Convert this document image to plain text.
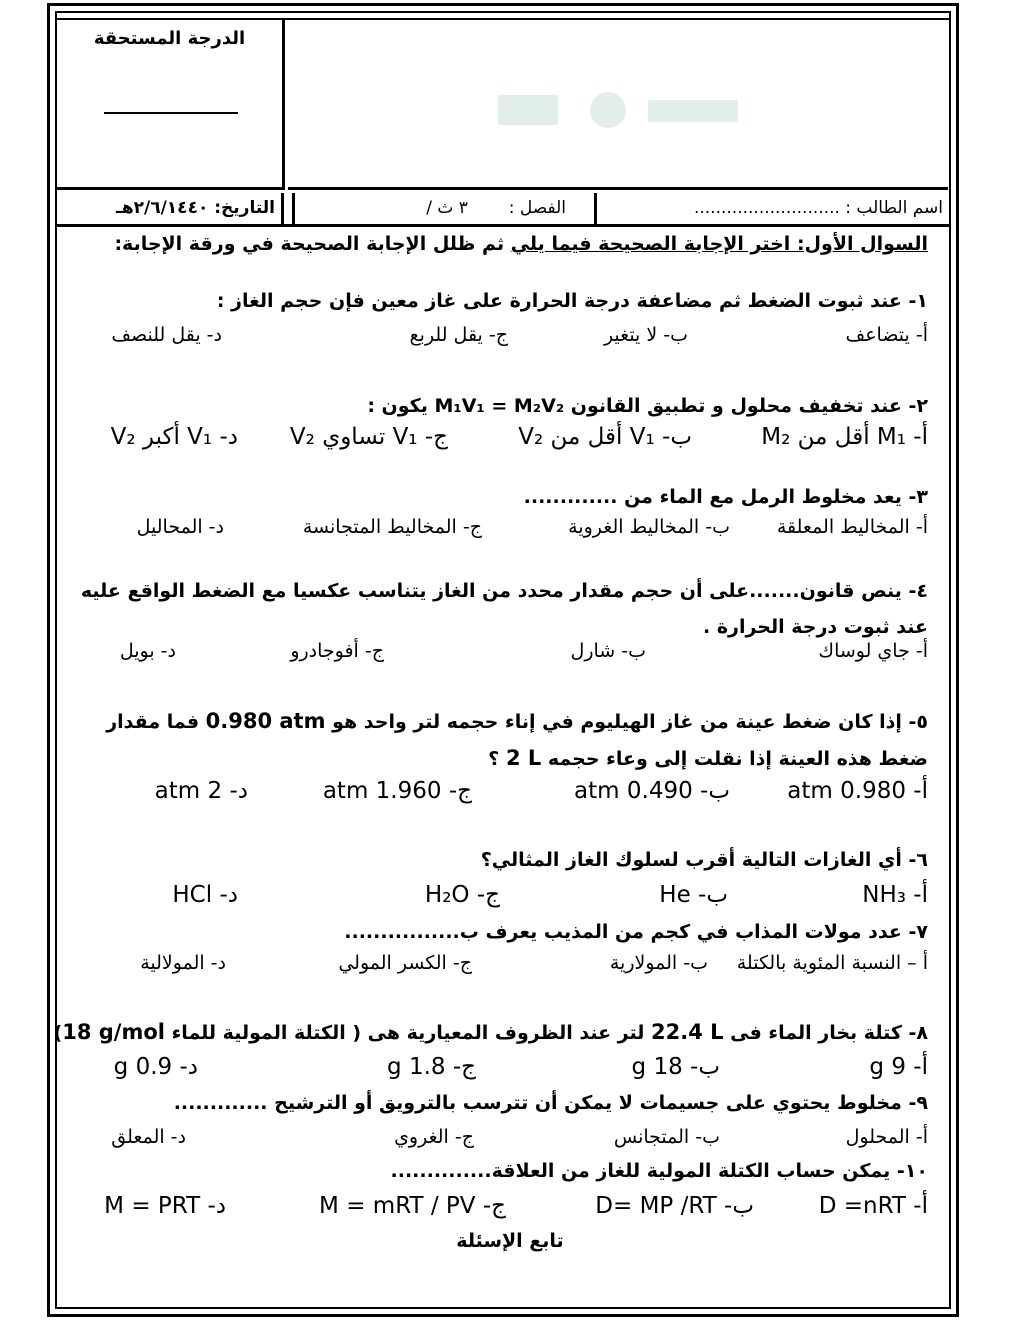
الدرجة المستحقة
التاريخ: ٢/٦/١٤٤٠هـ	الفصل :  ٣ ث /	اسم الطالب : ...........................
السوال الأول: اختر الإجابة الصحيحة فيما يلي ثم ظلل الإجابة الصحيحة في ورقة الإجابة:
١- عند ثبوت الضغط ثم مضاعفة درجة الحرارة على غاز معين فإن حجم الغاز :
أ- يتضاعف
ب- لا يتغير
ج- يقل للربع
د- يقل للنصف
٢- عند تخفيف محلول و تطبيق القانون M₁V₁ = M₂V₂ يكون :
أ- M₁ أقل من M₂
ب- V₁ أقل من V₂
ج- V₁ تساوي V₂
د- V₁ أكبر V₂
٣- يعد مخلوط الرمل مع الماء من .............
أ- المخاليط المعلقة
ب- المخاليط الغروية
ج- المخاليط المتجانسة
د- المحاليل
٤- ينص قانون.......على أن حجم مقدار محدد من الغاز يتناسب عكسيا مع الضغط الواقع عليه عند ثبوت درجة الحرارة .
أ- جاي لوساك
ب- شارل
ج- أفوجادرو
د- بويل
٥- إذا كان ضغط عينة من غاز الهيليوم في إناء حجمه لتر واحد هو 0.980 atm فما مقدار ضغط هذه العينة إذا نقلت إلى وعاء حجمه 2 L ؟
أ- 0.980 atm
ب- 0.490 atm
ج- 1.960 atm
د- 2 atm
٦- أي الغازات التالية أقرب لسلوك الغاز المثالي؟
أ- NH₃
ب- He
ج- H₂O
د- HCl
٧- عدد مولات المذاب في كجم من المذيب يعرف ب................
أ – النسبة المئوية بالكتلة
ب- المولارية
ج- الكسر المولي
د- المولالية
٨- كتلة بخار الماء فى 22.4 L لتر عند الظروف المعيارية هى ( الكتلة المولية للماء 18 g/mol)
أ- 9 g
ب- 18 g
ج- 1.8 g
د- 0.9 g
٩- مخلوط يحتوي على جسيمات لا يمكن أن تترسب بالترويق أو الترشيح .............
أ- المحلول
ب- المتجانس
ج- الغروي
د- المعلق
١٠- يمكن حساب الكتلة المولية للغاز من العلاقة..............
أ- D =nRT
ب- D= MP /RT
ج- M = mRT / PV
د- M = PRT
تابع الإسئلة
